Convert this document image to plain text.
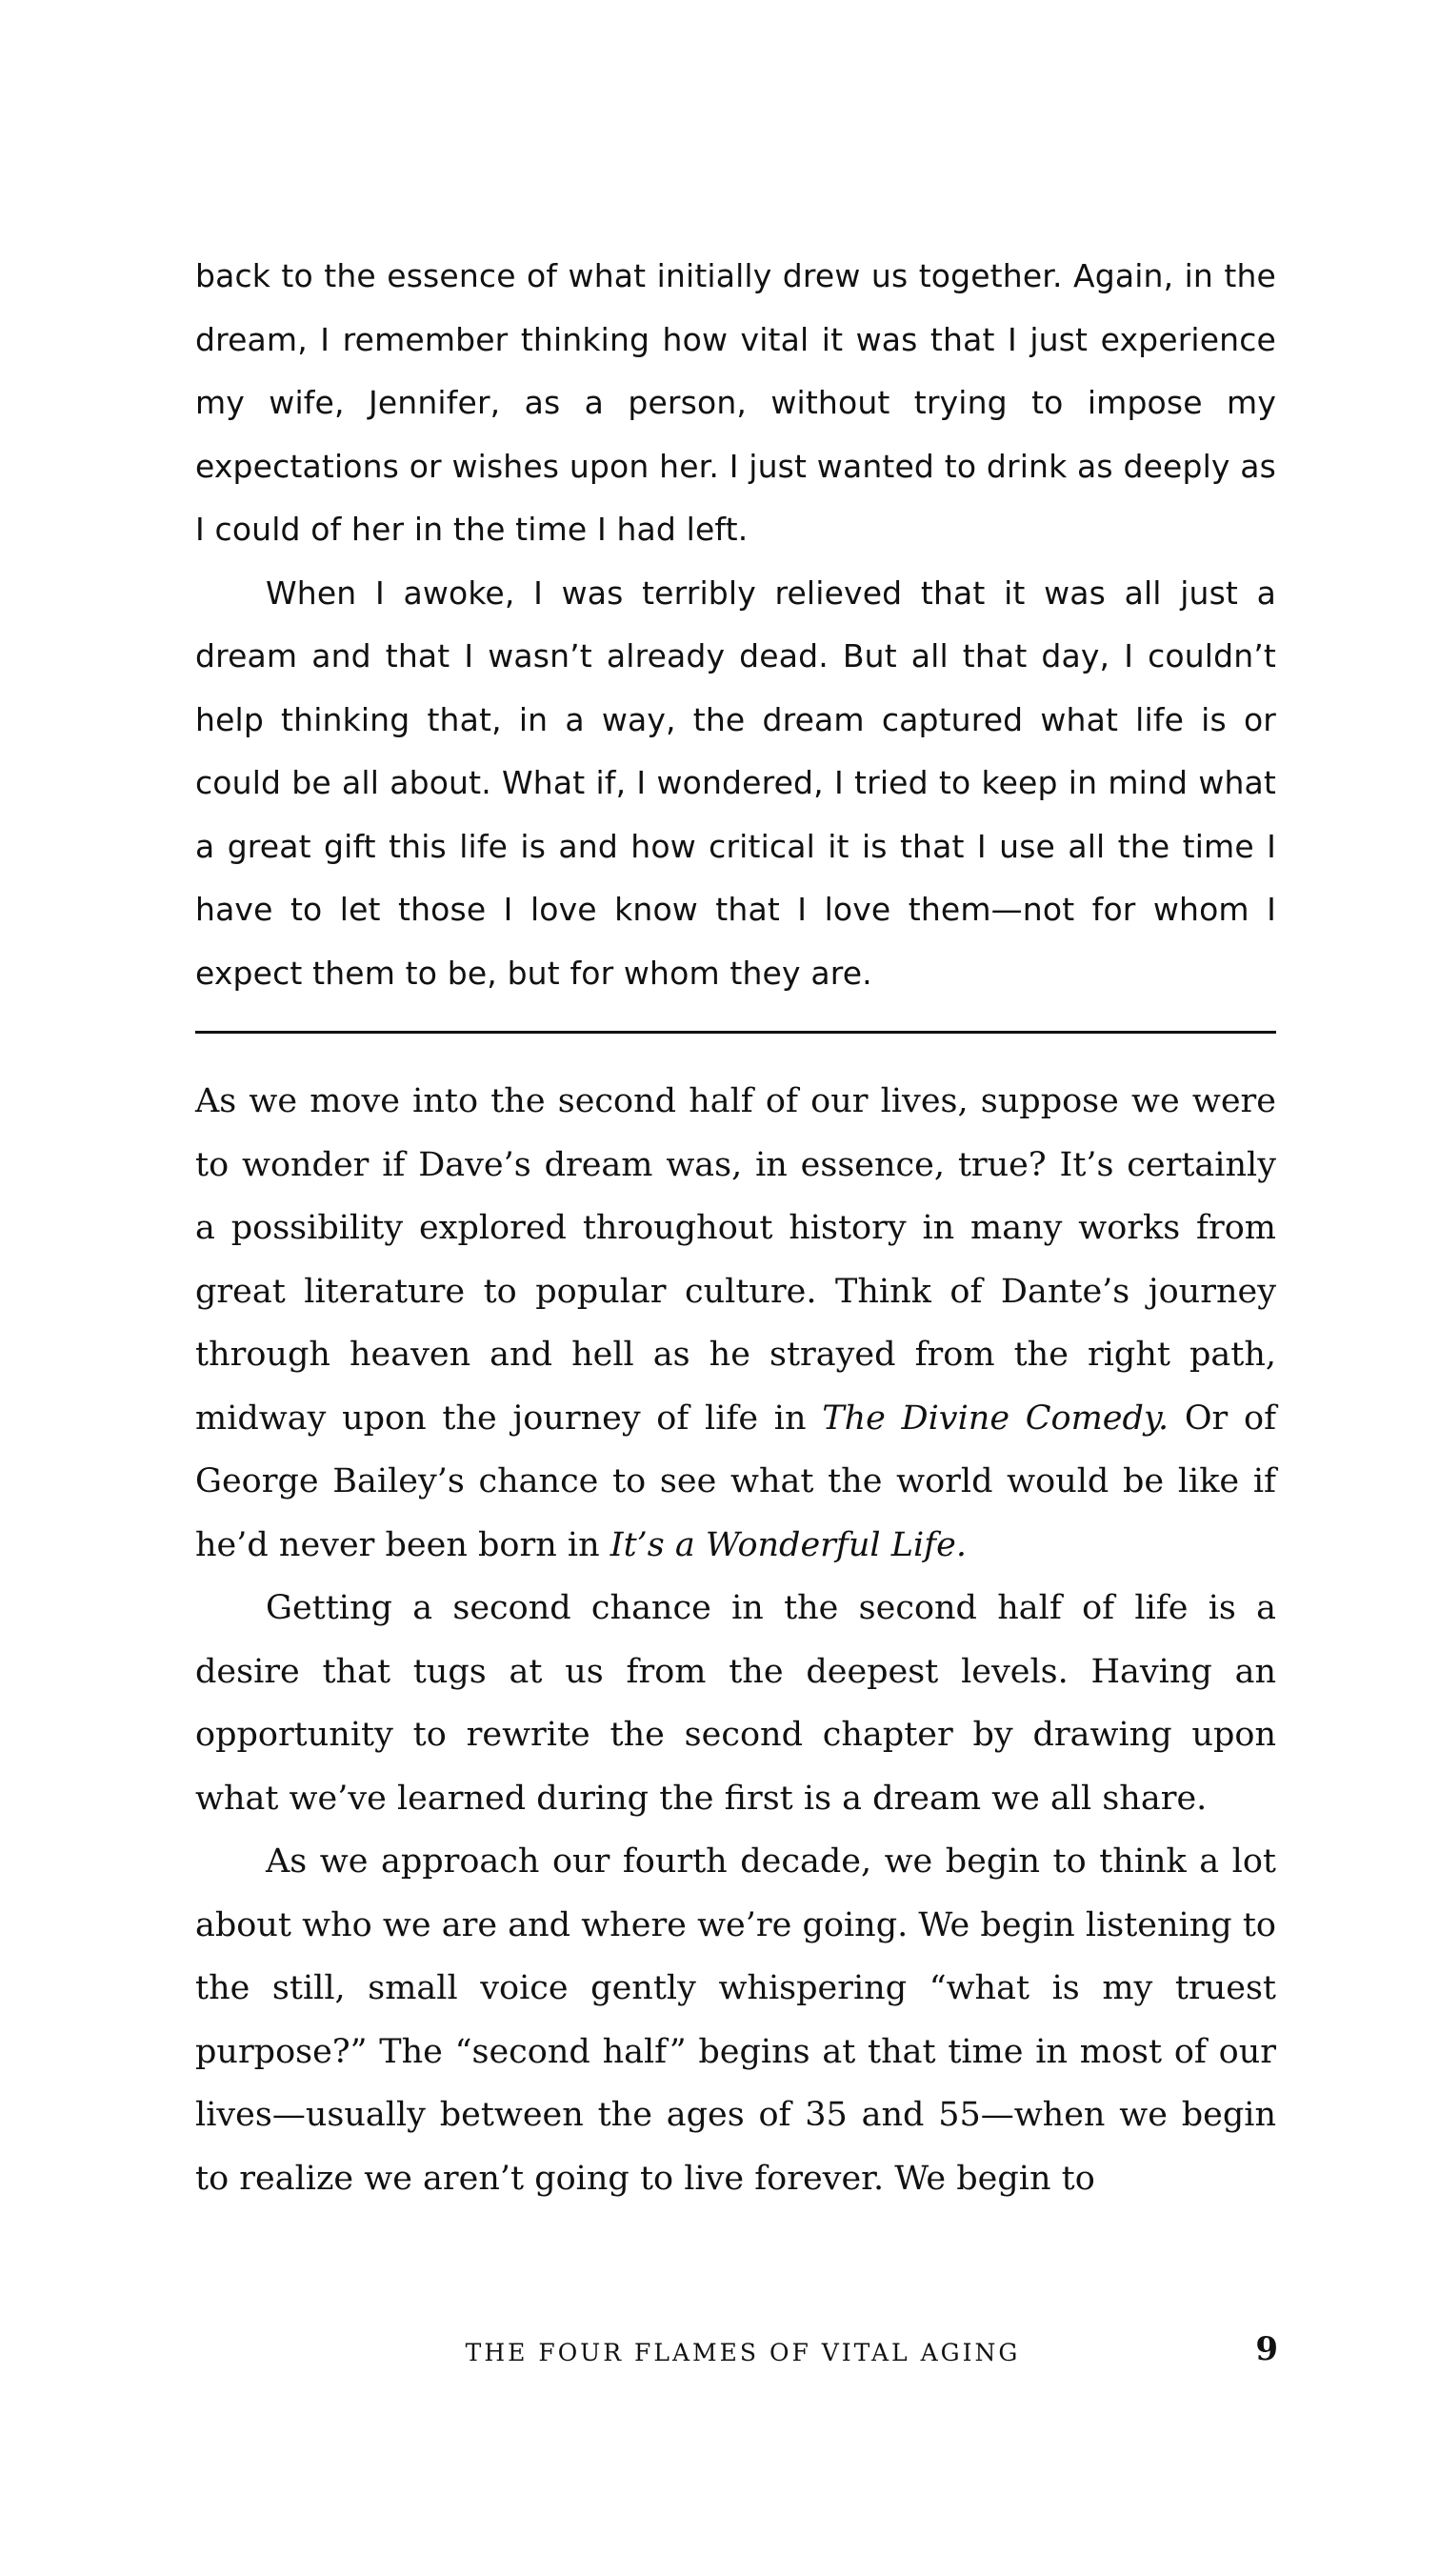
back to the essence of what initially drew us together. Again, in the dream, I remember thinking how vital it was that I just experience my wife, Jennifer, as a person, without trying to impose my expectations or wishes upon her. I just wanted to drink as deeply as I could of her in the time I had left.

When I awoke, I was terribly relieved that it was all just a dream and that I wasn’t already dead. But all that day, I couldn’t help thinking that, in a way, the dream captured what life is or could be all about. What if, I wondered, I tried to keep in mind what a great gift this life is and how critical it is that I use all the time I have to let those I love know that I love them—not for whom I expect them to be, but for whom they are.

As we move into the second half of our lives, suppose we were to wonder if Dave’s dream was, in essence, true? It’s certainly a possibility explored throughout history in many works from great literature to popular culture. Think of Dante’s journey through heaven and hell as he strayed from the right path, midway upon the journey of life in The Divine Comedy. Or of George Bailey’s chance to see what the world would be like if he’d never been born in It’s a Wonderful Life.

Getting a second chance in the second half of life is a desire that tugs at us from the deepest levels. Having an opportunity to rewrite the second chapter by drawing upon what we’ve learned during the first is a dream we all share.

As we approach our fourth decade, we begin to think a lot about who we are and where we’re going. We begin listening to the still, small voice gently whispering “what is my truest purpose?” The “second half” begins at that time in most of our lives—usually between the ages of 35 and 55—when we begin to realize we aren’t going to live forever. We begin to

THE FOUR FLAMES OF VITAL AGING	9
